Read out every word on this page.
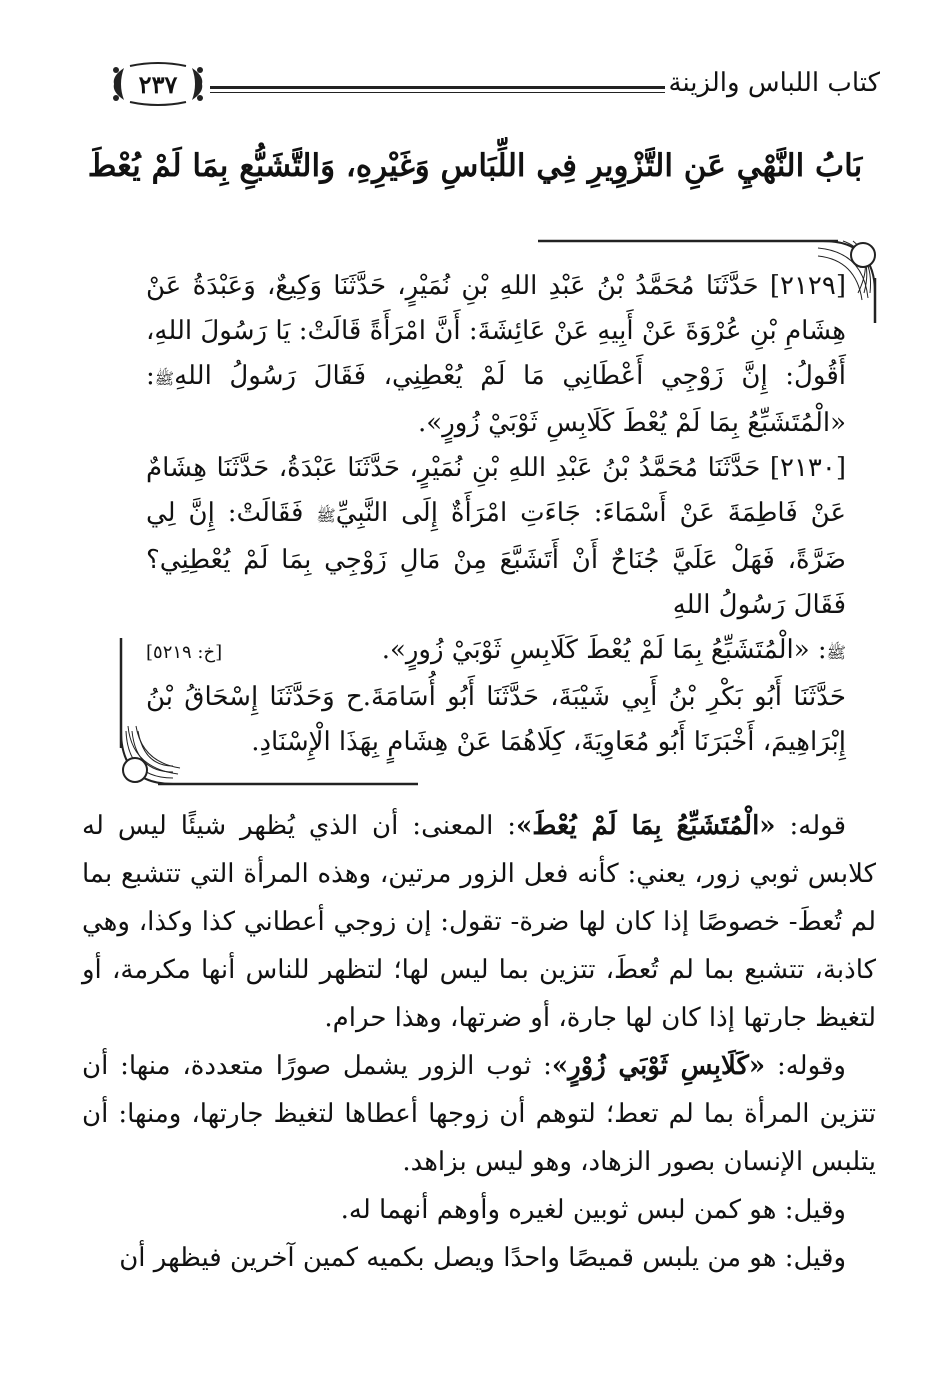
كتاب اللباس والزينة
٢٣٧
بَابُ النَّهْيِ عَنِ التَّزْوِيرِ فِي اللِّبَاسِ وَغَيْرِهِ، وَالتَّشَبُّعِ بِمَا لَمْ يُعْطَ

[٢١٢٩] حَدَّثَنَا مُحَمَّدُ بْنُ عَبْدِ اللهِ بْنِ نُمَيْرٍ، حَدَّثَنَا وَكِيعٌ، وَعَبْدَةُ عَنْ هِشَامِ بْنِ عُرْوَةَ عَنْ أَبِيهِ عَنْ عَائِشَةَ: أَنَّ امْرَأَةً قَالَتْ: يَا رَسُولَ اللهِ، أَقُولُ: إِنَّ زَوْجِي أَعْطَانِي مَا لَمْ يُعْطِنِي، فَقَالَ رَسُولُ اللهِﷺ: «الْمُتَشَبِّعُ بِمَا لَمْ يُعْطَ كَلَابِسِ ثَوْبَيْ زُورٍ».

[٢١٣٠] حَدَّثَنَا مُحَمَّدُ بْنُ عَبْدِ اللهِ بْنِ نُمَيْرٍ، حَدَّثَنَا عَبْدَةُ، حَدَّثَنَا هِشَامٌ عَنْ فَاطِمَةَ عَنْ أَسْمَاءَ: جَاءَتِ امْرَأَةٌ إِلَى النَّبِيِّﷺ فَقَالَتْ: إِنَّ لِي ضَرَّةً، فَهَلْ عَلَيَّ جُنَاحٌ أَنْ أَتَشَبَّعَ مِنْ مَالِ زَوْجِي بِمَا لَمْ يُعْطِنِي؟ فَقَالَ رَسُولُ اللهِ
ﷺ: «الْمُتَشَبِّعُ بِمَا لَمْ يُعْطَ كَلَابِسِ ثَوْبَيْ زُورٍ».
[خ: ٥٢١٩]

حَدَّثَنَا أَبُو بَكْرِ بْنُ أَبِي شَيْبَةَ، حَدَّثَنَا أَبُو أُسَامَةَ.ح وَحَدَّثَنَا إِسْحَاقُ بْنُ إِبْرَاهِيمَ، أَخْبَرَنَا أَبُو مُعَاوِيَةَ، كِلَاهُمَا عَنْ هِشَامٍ بِهَذَا الْإِسْنَادِ.

قوله: «الْمُتَشَبِّعُ بِمَا لَمْ يُعْطَ»: المعنى: أن الذي يُظهر شيئًا ليس له كلابس ثوبي زور، يعني: كأنه فعل الزور مرتين، وهذه المرأة التي تتشبع بما لم تُعطَ- خصوصًا إذا كان لها ضرة- تقول: إن زوجي أعطاني كذا وكذا، وهي كاذبة، تتشبع بما لم تُعطَ، تتزين بما ليس لها؛ لتظهر للناس أنها مكرمة، أو لتغيظ جارتها إذا كان لها جارة، أو ضرتها، وهذا حرام.

وقوله: «كَلَابِسِ ثَوْبَي زُوْرٍ»: ثوب الزور يشمل صورًا متعددة، منها: أن تتزين المرأة بما لم تعط؛ لتوهم أن زوجها أعطاها لتغيظ جارتها، ومنها: أن يتلبس الإنسان بصور الزهاد، وهو ليس بزاهد.

وقيل: هو كمن لبس ثوبين لغيره وأوهم أنهما له.

وقيل: هو من يلبس قميصًا واحدًا ويصل بكميه كمين آخرين فيظهر أن
